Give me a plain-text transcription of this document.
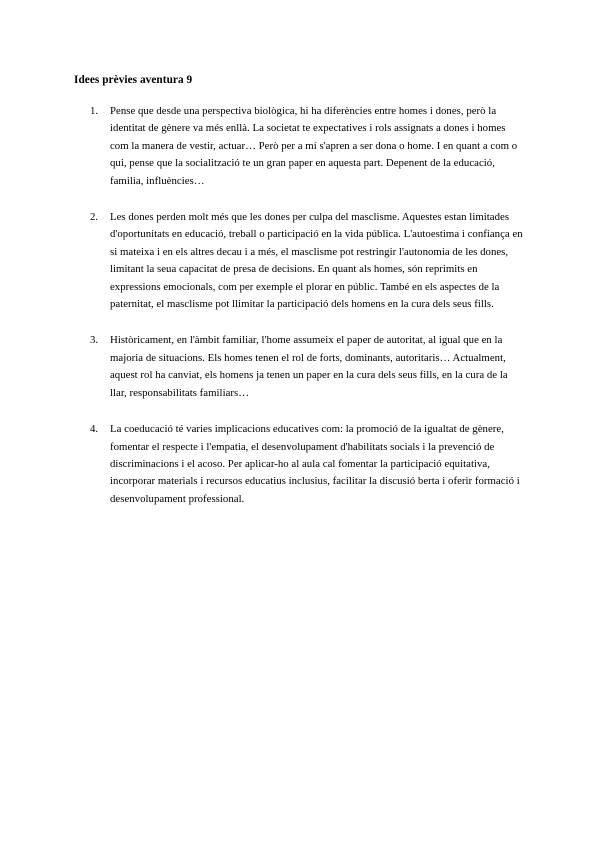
Idees prèvies aventura 9
1. Pense que desde una perspectiva biològica, hi ha diferències entre homes i dones, però la identitat de gènere va més enllà. La societat te expectatives i rols assignats a dones i homes com la manera de vestir, actuar… Però per a mí s'apren a ser dona o home. I en quant a com o qui, pense que la socialització te un gran paper en aquesta part. Depenent de la educació, familia, influències…
2. Les dones perden molt més que les dones per culpa del masclisme. Aquestes estan limitades d'oportunitats en educació, treball o participació en la vida pública. L'autoestima i confiança en si mateixa i en els altres decau i a més, el masclisme pot restringir l'autonomia de les dones, limitant la seua capacitat de presa de decisions. En quant als homes, són reprimits en expressions emocionals, com per exemple el plorar en públic. També en els aspectes de la paternitat, el masclisme pot llimitar la participació dels homens en la cura dels seus fills.
3. Històricament, en l'àmbit familiar, l'home assumeix el paper de autoritat, al igual que en la majoria de situacions. Els homes tenen el rol de forts, dominants, autoritaris… Actualment, aquest rol ha canviat, els homens ja tenen un paper en la cura dels seus fills, en la cura de la llar, responsabilitats familiars…
4. La coeducació té varies implicacions educatives com: la promoció de la igualtat de gènere, fomentar el respecte i l'empatia, el desenvolupament d'habilitats socials i la prevenció de discriminacions i el acoso. Per aplicar-ho al aula cal fomentar la participació equitativa, incorporar materials i recursos educatius inclusius, facilitar la discusió berta i oferir formació i desenvolupament professional.
